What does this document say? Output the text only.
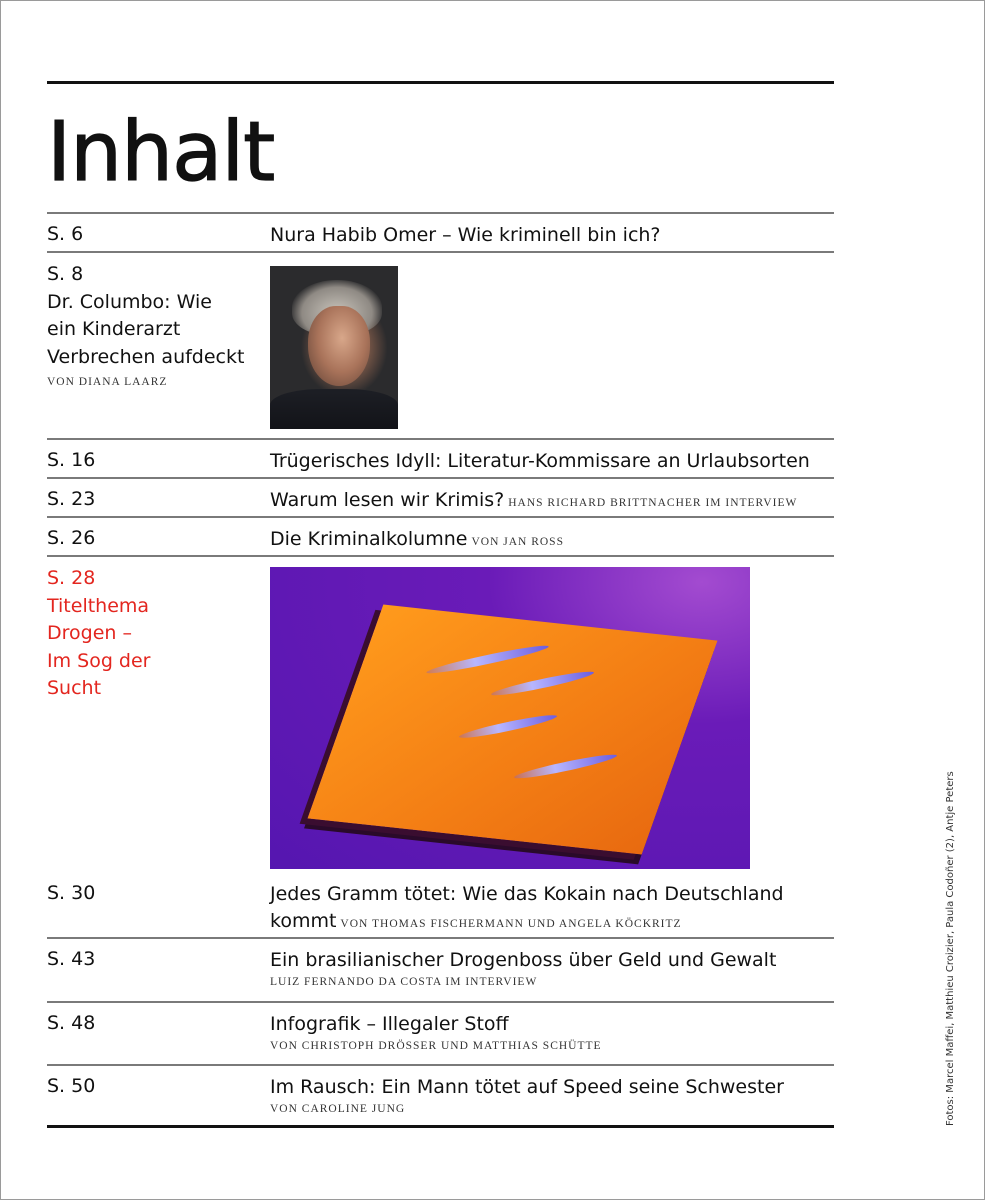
Inhalt
S. 6	Nura Habib Omer – Wie kriminell bin ich?
S. 8
Dr. Columbo: Wie
ein Kinderarzt
Verbrechen aufdeckt
VON DIANA LAARZ
S. 16	Trügerisches Idyll: Literatur-Kommissare an Urlaubsorten
S. 23	Warum lesen wir Krimis? HANS RICHARD BRITTNACHER IM INTERVIEW
S. 26	Die Kriminalkolumne VON JAN ROSS
S. 28
Titelthema
Drogen –
Im Sog der
Sucht
S. 30	Jedes Gramm tötet: Wie das Kokain nach Deutschland
kommt VON THOMAS FISCHERMANN UND ANGELA KÖCKRITZ
S. 43	Ein brasilianischer Drogenboss über Geld und Gewalt
LUIZ FERNANDO DA COSTA IM INTERVIEW
S. 48	Infografik – Illegaler Stoff
VON CHRISTOPH DRÖSSER UND MATTHIAS SCHÜTTE
S. 50	Im Rausch: Ein Mann tötet auf Speed seine Schwester
VON CAROLINE JUNG	Fotos: Marcel Maffei, Matthieu Croizier, Paula Codoñer (2), Antje Peters
